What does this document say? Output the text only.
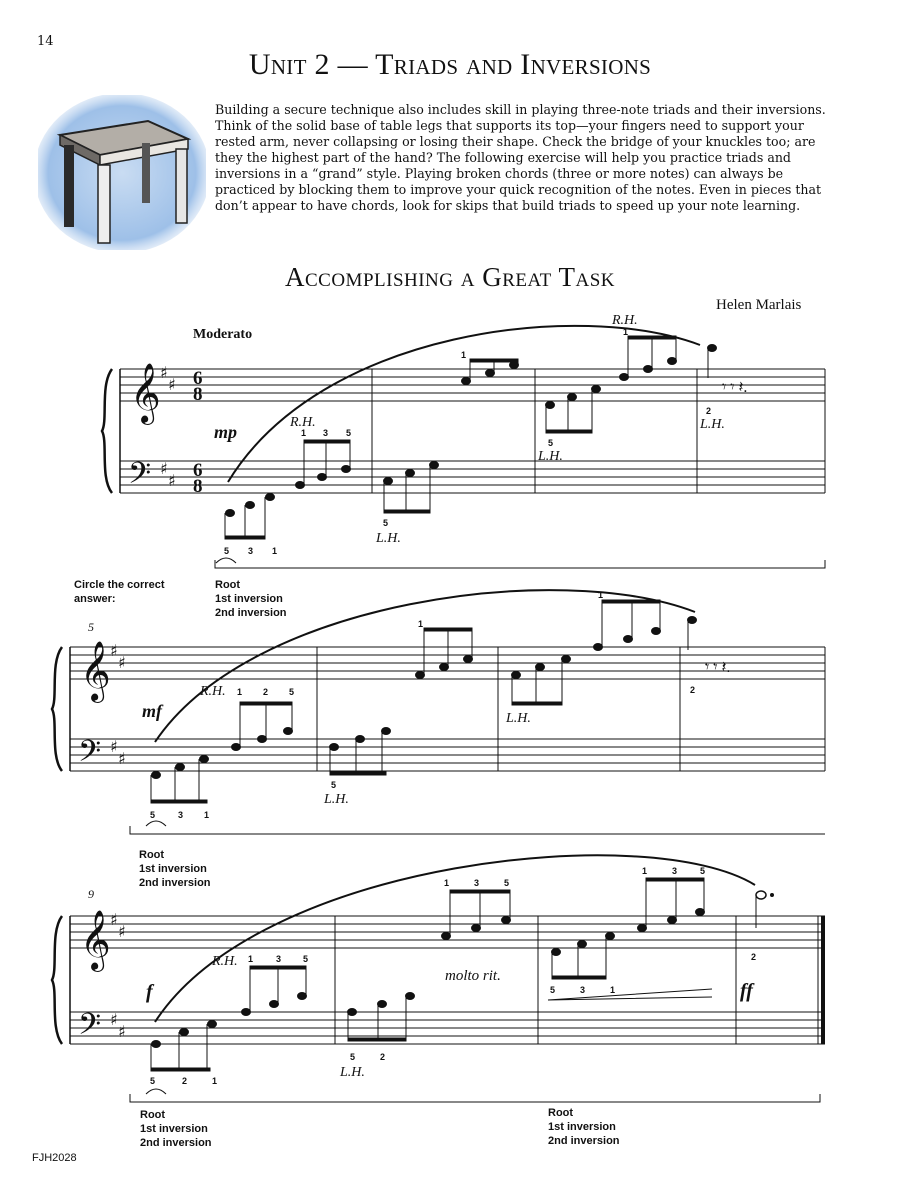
14
Unit 2 — Triads and Inversions
Building a secure technique also includes skill in playing three-note triads and their inversions. Think of the solid base of table legs that supports its top—your fingers need to support your rested arm, never collapsing or losing their shape. Check the bridge of your knuckles too; are they the highest part of the hand? The following exercise will help you practice triads and inversions in a “grand” style. Playing broken chords (three or more notes) can always be practiced by blocking them to improve your quick recognition of the notes. Even in pieces that don’t appear to have chords, look for skips that build triads to speed up your note learning.
Accomplishing a Great Task
Helen Marlais
Moderato
𝄞
𝄢
𝄞
𝄢
𝄞
𝄢
♯
♯
♯
♯
♯
♯
♯
♯
♯
♯
♯
♯
6
8
6
8
𝄾 𝄾 𝄽.
𝄾 𝄾 𝄽.
mp
mf
f	ff
molto rit.
R.H.
R.H.
R.H.
R.H.
L.H.
L.H.
L.H.
L.H.
L.H.
L.H.
5
9
5 3 1
1 3 5
5
1
5
1
2
1 2 5
5	3 1
5
1
1
2
1	3 5
5	2	1
5	2
1	3	5
5	3	1
1	3	5
2
Circle the correct answer:
Root
1st inversion
2nd inversion
Root
1st inversion
2nd inversion
Root
1st inversion
2nd inversion
Root
1st inversion
2nd inversion
FJH2028
